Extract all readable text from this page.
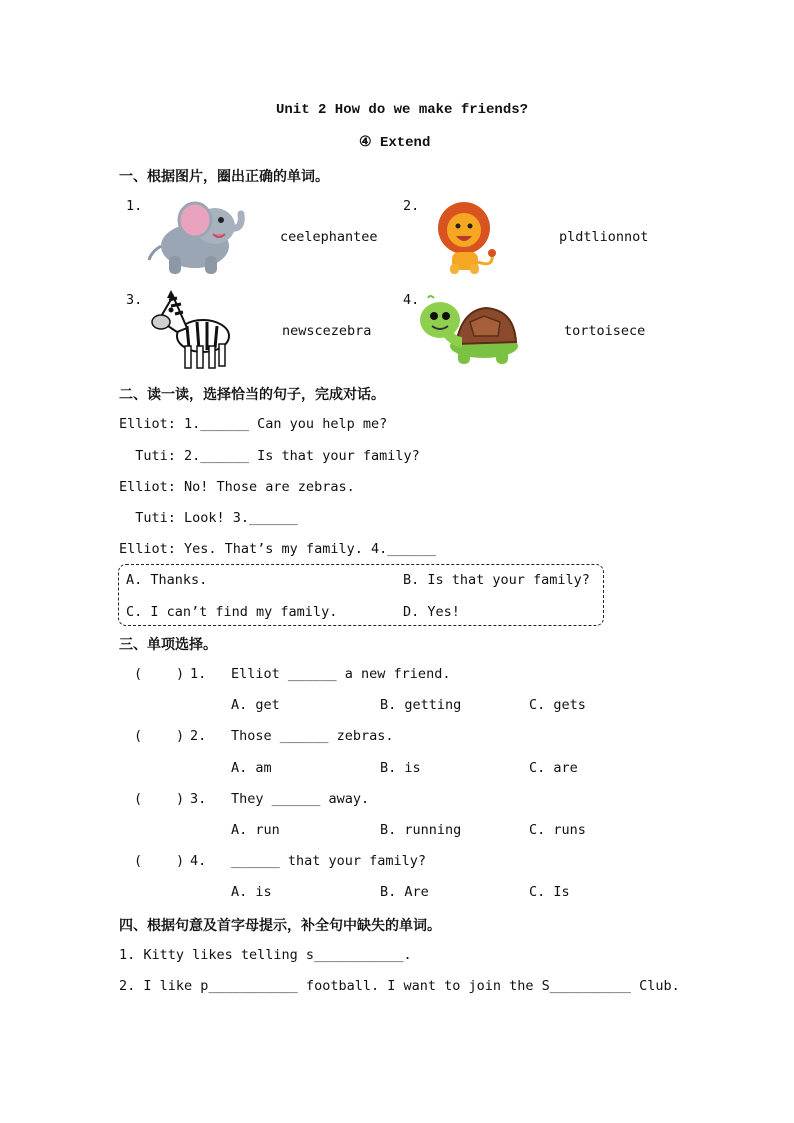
Unit 2 How do we make friends?
④ Extend
一、根据图片，圈出正确的单词。
1.
ceelephantee
2.
pldtlionnot
3.
newscezebra
4.
tortoisece
二、读一读，选择恰当的句子，完成对话。
Elliot: 1.______ Can you help me?
Tuti: 2.______ Is that your family?
Elliot: No! Those are zebras.
Tuti: Look! 3.______
Elliot: Yes. That’s my family. 4.______
A. Thanks.	B. Is that your family?
C. I can’t find my family.	D. Yes!
三、单项选择。
(	) 1. Elliot ______ a new friend.
A. get	B. getting	C. gets
(	) 2. Those ______ zebras.
A. am	B. is	C. are
(	) 3. They ______ away.
A. run	B. running	C. runs
(	) 4. ______ that your family?
A. is	B. Are	C. Is
四、根据句意及首字母提示，补全句中缺失的单词。
1. Kitty likes telling s___________.
2. I like p___________ football. I want to join the S__________ Club.
